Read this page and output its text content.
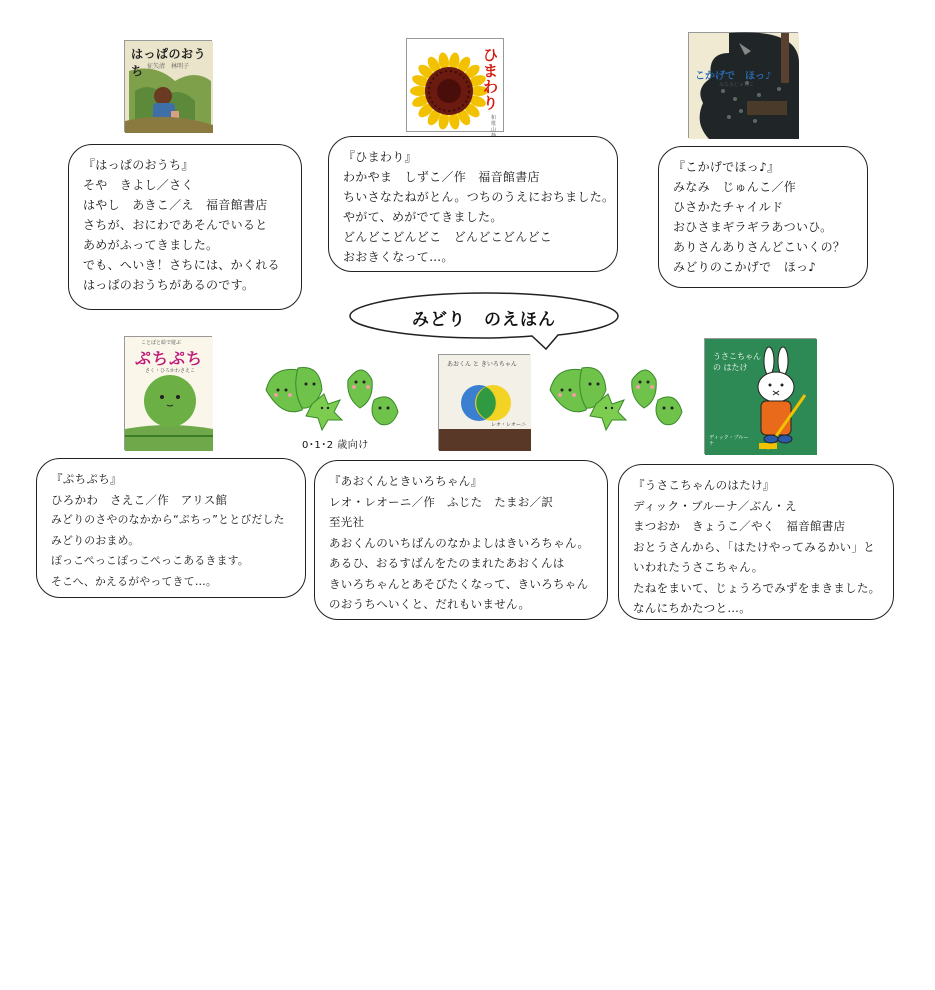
はっぱのおうち 征矢清　林明子
ひまわり
和歌山
こかげで　ほっ♪
みなみじゅんこ
『はっぱのおうち』
そや　きよし／さく
はやし　あきこ／え　福音館書店
さちが、おにわであそんでいると
あめがふってきました。
でも、へいき！さちには、かくれる
はっぱのおうちがあるのです。
『ひまわり』
わかやま　しずこ／作　福音館書店
ちいさなたねがとん。つちのうえにおちました。
やがて、めがでてきました。
どんどこどんどこ　どんどこどんどこ
おおきくなって…。
『こかげでほっ♪』
みなみ　じゅんこ／作
ひさかたチャイルド
おひさまギラギラあついひ。
ありさんありさんどこいくの？
みどりのこかげで　ほっ♪
みどり　のえほん
ことばと絵で遊ぶ
ぷちぷち
さく・ひろかわさえこ
0･1･2 歳向け
あおくん と きいろちゃん
レオ・レオーニ
うさこちゃんの はたけ
ディック・ブルーナ
『ぷちぷち』
ひろかわ　さえこ／作　アリス館
みどりのさやのなかから“ぷちっ”ととびだした
みどりのおまめ。
ぽっこぺっこぽっこぺっこあるきます。
そこへ、かえるがやってきて…。
『あおくんときいろちゃん』
レオ・レオーニ／作　ふじた　たまお／訳
至光社
あおくんのいちばんのなかよしはきいろちゃん。
あるひ、おるすばんをたのまれたあおくんは
きいろちゃんとあそびたくなって、きいろちゃん
のおうちへいくと、だれもいません。
『うさこちゃんのはたけ』
ディック・ブルーナ／ぶん・え
まつおか　きょうこ／やく　福音館書店
おとうさんから、「はたけやってみるかい」と
いわれたうさこちゃん。
たねをまいて、じょうろでみずをまきました。
なんにちかたつと…。
